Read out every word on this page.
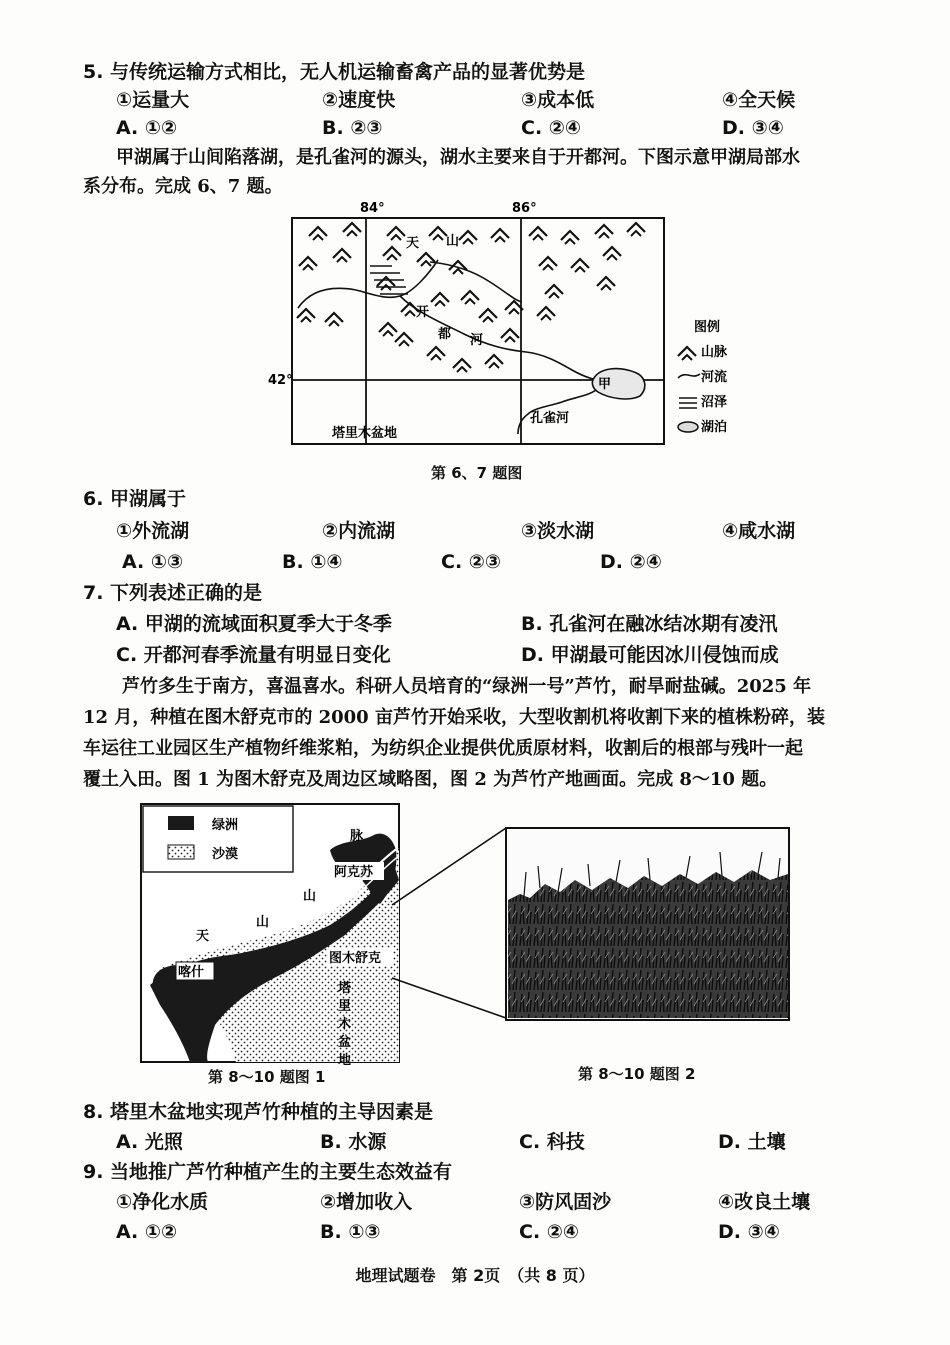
5. 与传统运输方式相比，无人机运输畜禽产品的显著优势是
①运量大	②速度快	③成本低	④全天候
A. ①②	B. ②③	C. ②④	D. ③④
甲湖属于山间陷落湖，是孔雀河的源头，湖水主要来自于开都河。下图示意甲湖局部水
系分布。完成 6、7 题。
84°	86°
42°
天 山
开
都 河
甲
塔里木盆地
孔雀河
图例
山脉
河流
沼泽
湖泊
第 6、7 题图
6. 甲湖属于
①外流湖	②内流湖	③淡水湖	④咸水湖
A. ①③	B. ①④	C. ②③	D. ②④
7. 下列表述正确的是
A. 甲湖的流域面积夏季大于冬季	B. 孔雀河在融冰结冰期有凌汛
C. 开都河春季流量有明显日变化	D. 甲湖最可能因冰川侵蚀而成
芦竹多生于南方，喜温喜水。科研人员培育的“绿洲一号”芦竹，耐旱耐盐碱。2025 年
12 月，种植在图木舒克市的 2000 亩芦竹开始采收，大型收割机将收割下来的植株粉碎，装
车运往工业园区生产植物纤维浆粕，为纺织企业提供优质原材料，收割后的根部与残叶一起
覆土入田。图 1 为图木舒克及周边区域略图，图 2 为芦竹产地画面。完成 8～10 题。
绿洲
沙漠
脉
阿克苏
山
天
山
喀什
图木舒克
塔
里
木
盆
地
第 8～10 题图 1	第 8～10 题图 2
8. 塔里木盆地实现芦竹种植的主导因素是
A. 光照	B. 水源	C. 科技	D. 土壤
9. 当地推广芦竹种植产生的主要生态效益有
①净化水质	②增加收入	③防风固沙	④改良土壤
A. ①②	B. ①③	C. ②④	D. ③④
地理试题卷　第 2页　（共 8 页）
